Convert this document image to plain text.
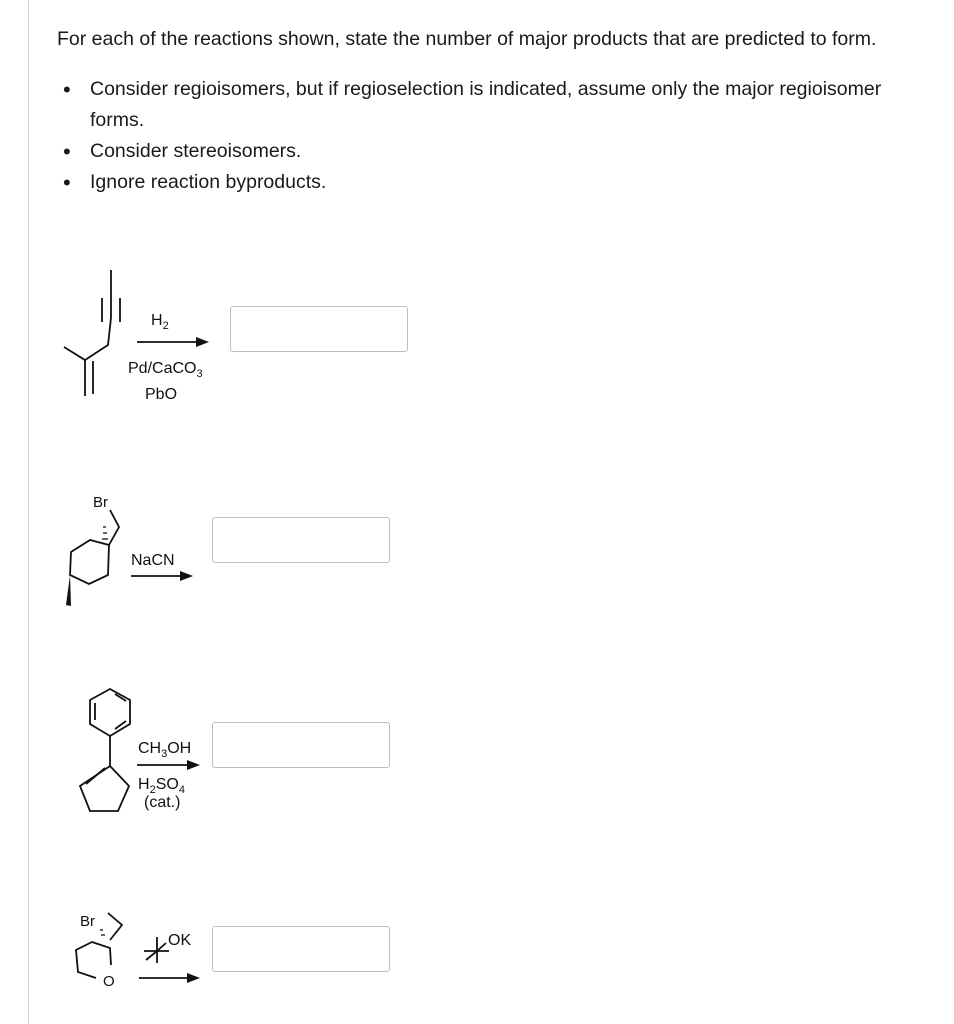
For each of the reactions shown, state the number of major products that are predicted to form.

• Consider regioisomers, but if regioselection is indicated, assume only the major regioisomer forms.
• Consider stereoisomers.
• Ignore reaction byproducts.
$H_2$
Pd/CaCO$_3$
PbO
Br
NaCN
$CH_3OH$
$H_2SO_4$
(cat.)
Br
O
OK
